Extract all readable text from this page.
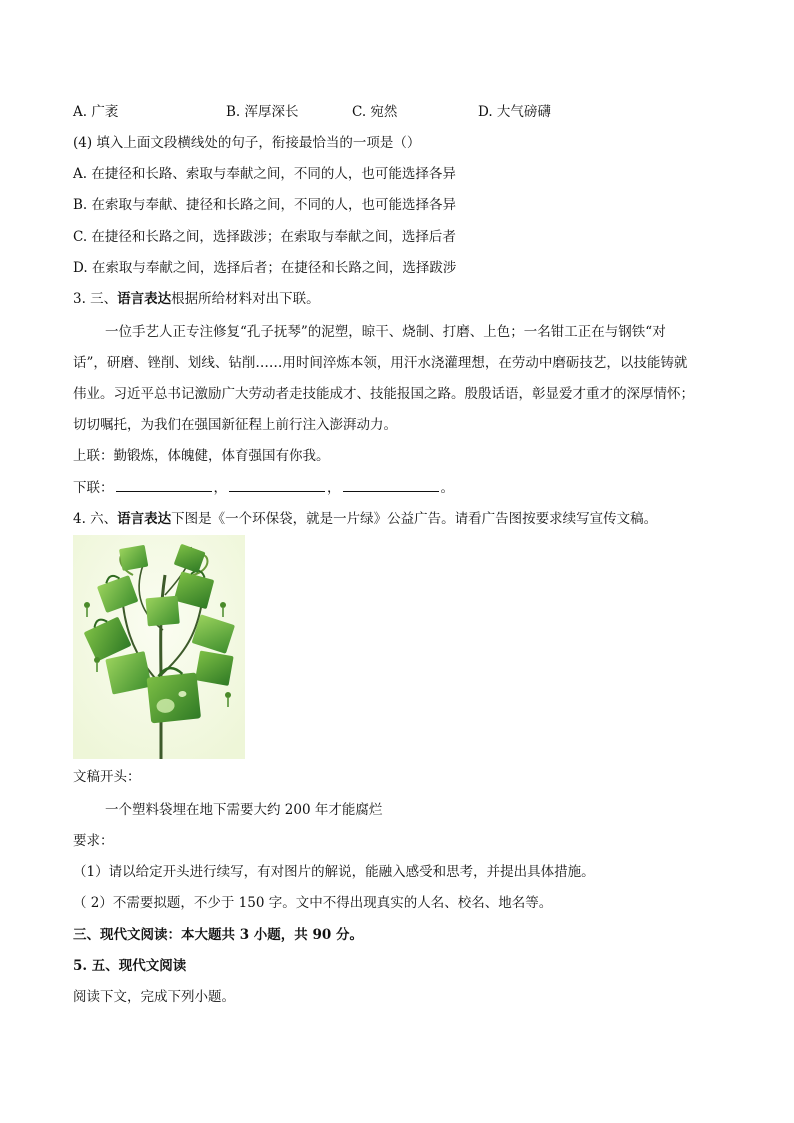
A. 广袤	B. 浑厚深长	C. 宛然	D. 大气磅礴
(4) 填入上面文段横线处的句子，衔接最恰当的一项是（）
A. 在捷径和长路、索取与奉献之间，不同的人，也可能选择各异
B. 在索取与奉献、捷径和长路之间，不同的人，也可能选择各异
C. 在捷径和长路之间，选择跋涉；在索取与奉献之间，选择后者
D. 在索取与奉献之间，选择后者；在捷径和长路之间，选择跋涉
3. 三、语言表达根据所给材料对出下联。
一位手艺人正专注修复“孔子抚琴”的泥塑，晾干、烧制、打磨、上色；一名钳工正在与钢铁“对
话”，研磨、锉削、划线、钻削……用时间淬炼本领，用汗水浇灌理想，在劳动中磨砺技艺，以技能铸就
伟业。习近平总书记激励广大劳动者走技能成才、技能报国之路。殷殷话语，彰显爱才重才的深厚情怀；
切切嘱托，为我们在强国新征程上前行注入澎湃动力。
上联：勤锻炼，体魄健，体育强国有你我。
下联：	，	，	。
4. 六、语言表达下图是《一个环保袋，就是一片绿》公益广告。请看广告图按要求续写宣传文稿。
文稿开头：
一个塑料袋埋在地下需要大约 200 年才能腐烂
要求：
（1）请以给定开头进行续写，有对图片的解说，能融入感受和思考，并提出具体措施。
（ 2）不需要拟题，不少于 150 字。文中不得出现真实的人名、校名、地名等。
三、现代文阅读：本大题共 3 小题，共 90 分。
5. 五、现代文阅读
阅读下文，完成下列小题。
